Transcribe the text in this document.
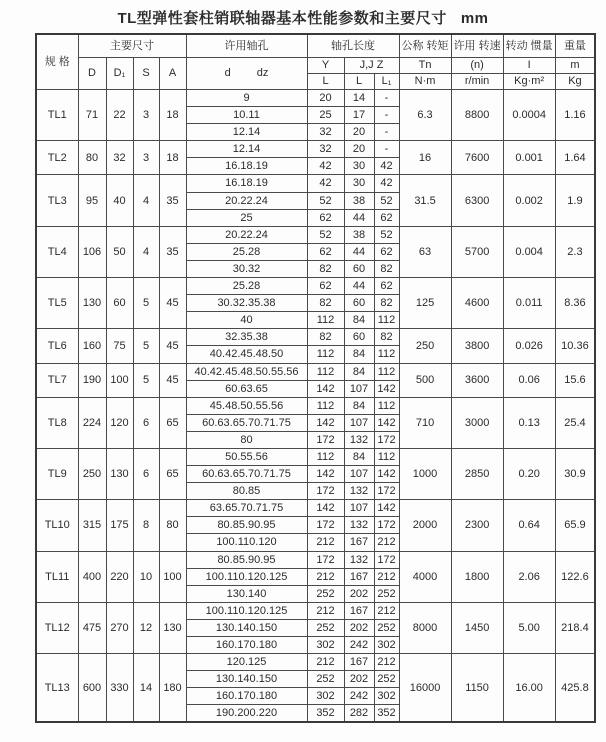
TL型弹性套柱销联轴器基本性能参数和主要尺寸 mm
规 格	主要尺寸				许用轴孔	轴孔长度			公称 转矩	许用 转速	转动 惯量	重量
	D	D₁	S	A	d dz	Y	J,J Z		Tn	(n)	I	m
						L	L	L₁	N·m	r/min	Kg·m²	Kg
TL1	71	22	3	18	9	20	14	-	6.3	8800	0.0004	1.16
					10.11	25	17	-				
					12.14	32	20	-				
TL2	80	32	3	18	12.14	32	20	-	16	7600	0.001	1.64
					16.18.19	42	30	42				
TL3	95	40	4	35	16.18.19	42	30	42	31.5	6300	0.002	1.9
					20.22.24	52	38	52				
					25	62	44	62				
TL4	106	50	4	35	20.22.24	52	38	52	63	5700	0.004	2.3
					25.28	62	44	62				
					30.32	82	60	82				
TL5	130	60	5	45	25.28	62	44	62	125	4600	0.011	8.36
					30.32.35.38	82	60	82				
					40	112	84	112				
TL6	160	75	5	45	32.35.38	82	60	82	250	3800	0.026	10.36
					40.42.45.48.50	112	84	112				
TL7	190	100	5	45	40.42.45.48.50.55.56	112	84	112	500	3600	0.06	15.6
					60.63.65	142	107	142				
TL8	224	120	6	65	45.48.50.55.56	112	84	112	710	3000	0.13	25.4
					60.63.65.70.71.75	142	107	142				
					80	172	132	172				
TL9	250	130	6	65	50.55.56	112	84	112	1000	2850	0.20	30.9
					60.63.65.70.71.75	142	107	142				
					80.85	172	132	172				
TL10	315	175	8	80	63.65.70.71.75	142	107	142	2000	2300	0.64	65.9
					80.85.90.95	172	132	172				
					100.110.120	212	167	212				
TL11	400	220	10	100	80.85.90.95	172	132	172	4000	1800	2.06	122.6
					100.110.120.125	212	167	212				
					130.140	252	202	252				
TL12	475	270	12	130	100.110.120.125	212	167	212	8000	1450	5.00	218.4
					130.140.150	252	202	252				
					160.170.180	302	242	302				
TL13	600	330	14	180	120.125	212	167	212	16000	1150	16.00	425.8
					130.140.150	252	202	252				
					160.170.180	302	242	302				
					190.200.220	352	282	352				
